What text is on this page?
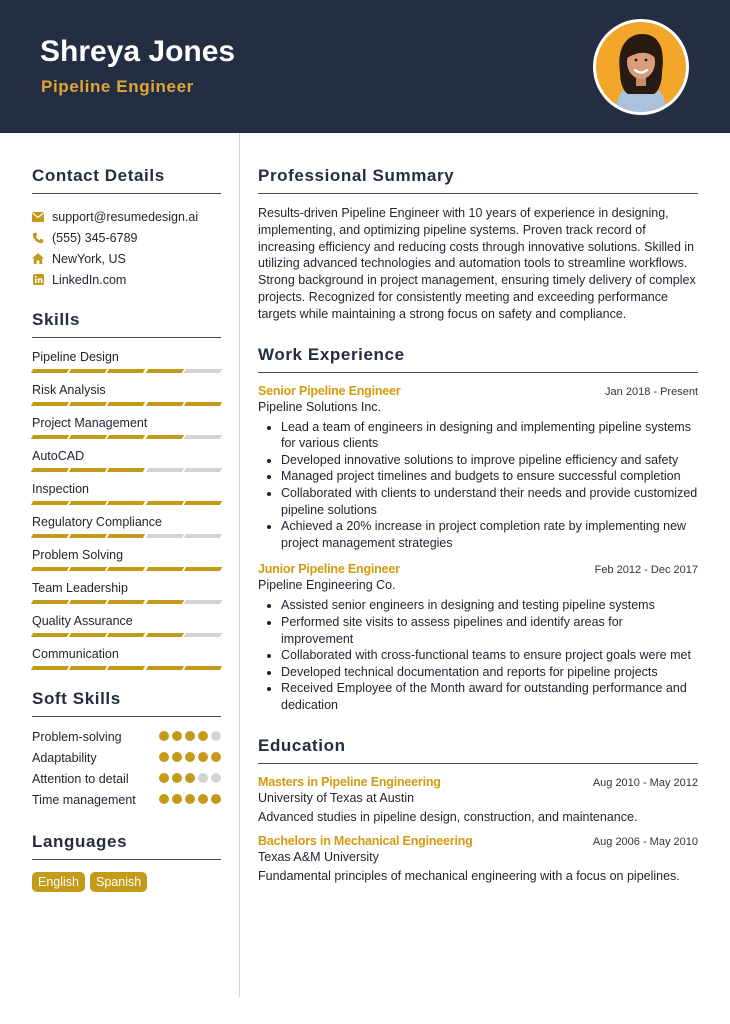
Shreya Jones
Pipeline Engineer
Contact Details
support@resumedesign.ai
(555) 345-6789
NewYork, US
LinkedIn.com
Skills
Pipeline Design
Risk Analysis
Project Management
AutoCAD
Inspection
Regulatory Compliance
Problem Solving
Team Leadership
Quality Assurance
Communication
Soft Skills
Problem-solving
Adaptability
Attention to detail
Time management
Languages
English	Spanish
Professional Summary
Results-driven Pipeline Engineer with 10 years of experience in designing, implementing, and optimizing pipeline systems. Proven track record of increasing efficiency and reducing costs through innovative solutions. Skilled in utilizing advanced technologies and automation tools to streamline workflows. Strong background in project management, ensuring timely delivery of complex projects. Recognized for consistently meeting and exceeding performance targets while maintaining a strong focus on safety and compliance.
Work Experience
Senior Pipeline Engineer	Jan 2018 - Present
Pipeline Solutions Inc.
• Lead a team of engineers in designing and implementing pipeline systems for various clients
• Developed innovative solutions to improve pipeline efficiency and safety
• Managed project timelines and budgets to ensure successful completion
• Collaborated with clients to understand their needs and provide customized pipeline solutions
• Achieved a 20% increase in project completion rate by implementing new project management strategies
Junior Pipeline Engineer	Feb 2012 - Dec 2017
Pipeline Engineering Co.
• Assisted senior engineers in designing and testing pipeline systems
• Performed site visits to assess pipelines and identify areas for improvement
• Collaborated with cross-functional teams to ensure project goals were met
• Developed technical documentation and reports for pipeline projects
• Received Employee of the Month award for outstanding performance and dedication
Education
Masters in Pipeline Engineering	Aug 2010 - May 2012
University of Texas at Austin
Advanced studies in pipeline design, construction, and maintenance.
Bachelors in Mechanical Engineering	Aug 2006 - May 2010
Texas A&M University
Fundamental principles of mechanical engineering with a focus on pipelines.
